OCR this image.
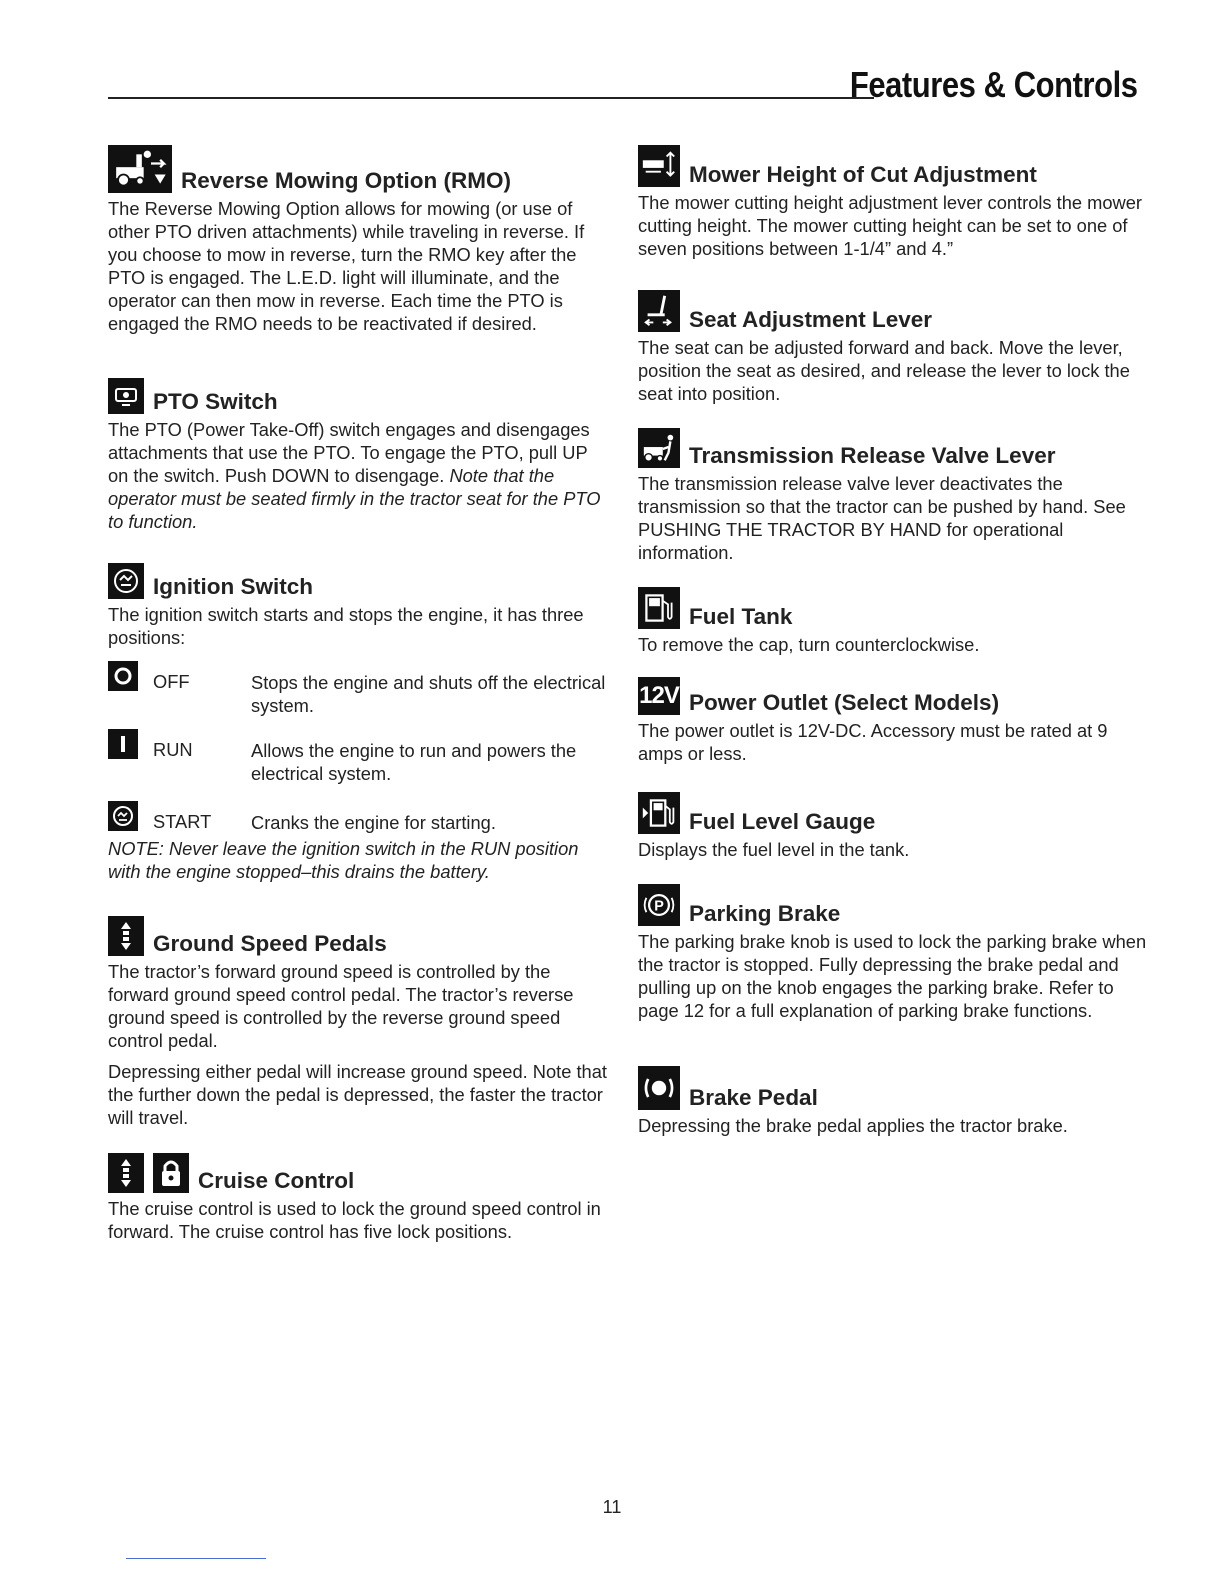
Features & Controls
Reverse Mowing Option (RMO)

The Reverse Mowing Option allows for mowing (or use of other PTO driven attachments) while traveling in reverse. If you choose to mow in reverse, turn the RMO key after the PTO is engaged. The L.E.D. light will illuminate, and the operator can then mow in reverse. Each time the PTO is engaged the RMO needs to be reactivated if desired.

PTO Switch

The PTO (Power Take-Off) switch engages and disengages attachments that use the PTO. To engage the PTO, pull UP on the switch. Push DOWN to disengage. Note that the operator must be seated firmly in the tractor seat for the PTO to function.

Ignition Switch

The ignition switch starts and stops the engine, it has three positions:

OFF	Stops the engine and shuts off the electrical system.
RUN	Allows the engine to run and powers the electrical system.
START Cranks the engine for starting.

NOTE: Never leave the ignition switch in the RUN position with the engine stopped–this drains the battery.

Ground Speed Pedals

The tractor’s forward ground speed is controlled by the forward ground speed control pedal. The tractor’s reverse ground speed is controlled by the reverse ground speed control pedal.

Depressing either pedal will increase ground speed. Note that the further down the pedal is depressed, the faster the tractor will travel.

Cruise Control

The cruise control is used to lock the ground speed control in forward. The cruise control has five lock positions.

Mower Height of Cut Adjustment

The mower cutting height adjustment lever controls the mower cutting height. The mower cutting height can be set to one of seven positions between 1-1/4” and 4.”

Seat Adjustment Lever

The seat can be adjusted forward and back. Move the lever, position the seat as desired, and release the lever to lock the seat into position.

Transmission Release Valve Lever

The transmission release valve lever deactivates the transmission so that the tractor can be pushed by hand. See PUSHING THE TRACTOR BY HAND for operational information.

Fuel Tank

To remove the cap, turn counterclockwise.

12V Power Outlet (Select Models)

The power outlet is 12V-DC. Accessory must be rated at 9 amps or less.

Fuel Level Gauge

Displays the fuel level in the tank.

P Parking Brake

The parking brake knob is used to lock the parking brake when the tractor is stopped. Fully depressing the brake pedal and pulling up on the knob engages the parking brake. Refer to page 12 for a full explanation of parking brake functions.

Brake Pedal

Depressing the brake pedal applies the tractor brake.

11
